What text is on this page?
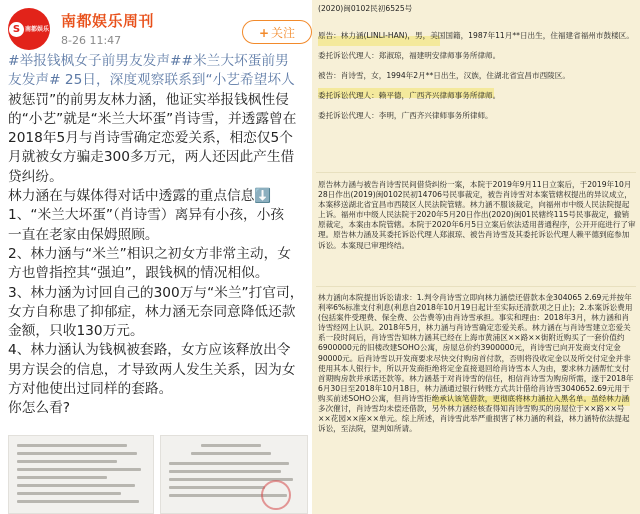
S 南都娱乐 南都娱乐周刊
8-26 11:47
+ 关注

#举报钱枫女子前男友发声##米兰大坏蛋前男

友发声# 25日，深度观察联系到“小艺希望坏人

被惩罚”的前男友林力涵，他证实举报钱枫性侵

的“小艺”就是“米兰大坏蛋”肖诗雪，并透露曾在

2018年5月与肖诗雪确定恋爱关系，相恋仅5个

月就被女方骗走300多万元，两人还因此产生借

贷纠纷。

林力涵在与媒体得对话中透露的重点信息⬇️

1、“米兰大坏蛋”（肖诗雪）离异有小孩，小孩

一直在老家由保姆照顾。

2、林力涵与“米兰”相识之初女方非常主动，女

方也曾指控其“强迫”，跟钱枫的情况相似。

3、林力涵为讨回自己的300万与“米兰”打官司，

女方自称患了抑郁症，林力涵无奈同意降低还款

金额，只收130万元。

4、林力涵认为钱枫被套路，女方应该释放出令

男方误会的信息，才导致两人发生关系，因为女

方对他使出过同样的套路。

你怎么看?

(2020)闽0102民初6525号

原告：林力涵(LINLI-HAN)，男，美国国籍，1987年11月**日出生，住福建省福州市鼓楼区。

委托诉讼代理人：郑淑琼，福建明安律师事务所律师。

被告：肖诗雪，女，1994年2月**日出生，汉族，住湖北省宜昌市西陵区。

委托诉讼代理人：赖平德，广西齐兴律师事务所律师。

委托诉讼代理人：李明，广西齐兴律师事务所律师。

原告林力涵与被告肖诗雪民间借贷纠纷一案，本院于2019年9月11日立案后，于2019年10月28日作出(2019)闽0102民初14706号民事裁定，被告肖诗雪对本案管辖权提出的异议成立，本案移送湖北省宜昌市西陵区人民法院管辖。林力涵不服该裁定，向福州市中级人民法院提起上诉。福州市中级人民法院于2020年5月20日作出(2020)闽01民辖终115号民事裁定，撤销原裁定，本案由本院管辖。本院于2020年6月5日立案后依法适用普通程序，公开开庭进行了审理。原告林力涵及其委托诉讼代理人郑淑琼、被告肖诗雪及其委托诉讼代理人赖平德到庭参加诉讼。本案现已审理终结。

林力涵向本院提出诉讼请求：1.判令肖诗雪立即向林力涵偿还借款本金304065 2.69元并按年利率6%标准支付利息(利息自2018年10月19日起计至实际还清款项之日止)；2.本案诉讼费用(包括案件受理费、保全费、公告费等)由肖诗雪承担。事实和理由：2018年3月，林力涵和肖诗雪经网上认识。2018年5月，林力涵与肖诗雪确定恋爱关系。林力涵在与肖诗雪建立恋爱关系一段时间后，肖诗雪告知林力涵其已经在上海市黄浦区××路××街附近购买了一套价值约6900000元的旧楼改建SOHO公寓，房屋总价约3900000元，肖诗雪已向开发商支付定金90000元。后肖诗雪以开发商要求尽快交付购房首付款，否则将没收定金以及所交付定金并非使用其本人银行卡，所以开发商拒绝将定金直接退回给肖诗雪本人为由，要求林力涵帮忙支付首期购房款并承诺还款等。林力涵基于对肖诗雪的信任，相信肖诗雪为购房所需，遂于2018年6月30日至2018年10月18日，林力涵通过银行转账方式共计借给肖诗雪3040652.69元用于购买前述SOHO公寓，但肖诗雪拒绝承认该笔借款，更彻底将林力涵拉入黑名单。虽经林力涵多次催讨，肖诗雪均未偿还借款，另外林力涵经核查得知肖诗雪购买的房屋位于××路××号××花园××座××单元。综上所述，肖诗雪此举严重损害了林力涵的利益，林力涵特依法提起诉讼，至法院，望判如所请。
